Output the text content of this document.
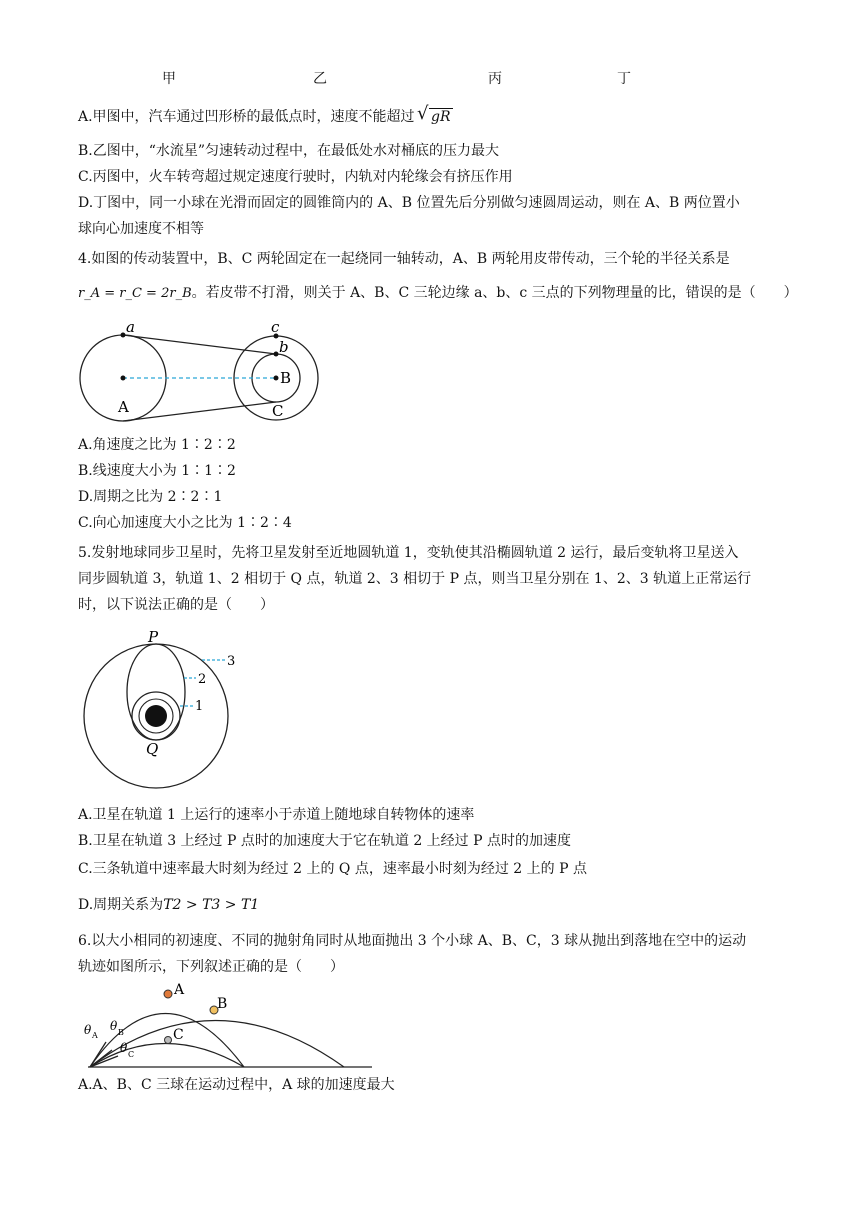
甲	乙	丙	丁
A.甲图中，汽车通过凹形桥的最低点时，速度不能超过 √ gR
B.乙图中，“水流星”匀速转动过程中，在最低处水对桶底的压力最大
C.丙图中，火车转弯超过规定速度行驶时，内轨对内轮缘会有挤压作用
D.丁图中，同一小球在光滑而固定的圆锥筒内的 A、B 位置先后分别做匀速圆周运动，则在 A、B 两位置小
球向心加速度不相等
4.如图的传动装置中，B、C 两轮固定在一起绕同一轴转动，A、B 两轮用皮带传动，三个轮的半径关系是
r_A = r_C = 2r_B。若皮带不打滑，则关于 A、B、C 三轮边缘 a、b、c 三点的下列物理量的比，错误的是（　　）
a	c
b
A
B
C
A.角速度之比为 1∶2∶2
B.线速度大小为 1∶1∶2
D.周期之比为 2∶2∶1
C.向心加速度大小之比为 1∶2∶4
5.发射地球同步卫星时，先将卫星发射至近地圆轨道 1，变轨使其沿椭圆轨道 2 运行，最后变轨将卫星送入
同步圆轨道 3，轨道 1、2 相切于 Q 点，轨道 2、3 相切于 P 点，则当卫星分别在 1、2、3 轨道上正常运行
时，以下说法正确的是（　　）
P
Q
1
2
3
A.卫星在轨道 1 上运行的速率小于赤道上随地球自转物体的速率
B.卫星在轨道 3 上经过 P 点时的加速度大于它在轨道 2 上经过 P 点时的加速度
C.三条轨道中速率最大时刻为经过 2 上的 Q 点，速率最小时刻为经过 2 上的 P 点
D.周期关系为T2 > T3 > T1
6.以大小相同的初速度、不同的抛射角同时从地面抛出 3 个小球 A、B、C，3 球从抛出到落地在空中的运动
轨迹如图所示，下列叙述正确的是（　　）
A
B
C
θ A
θ B
θ C
A.A、B、C 三球在运动过程中，A 球的加速度最大
